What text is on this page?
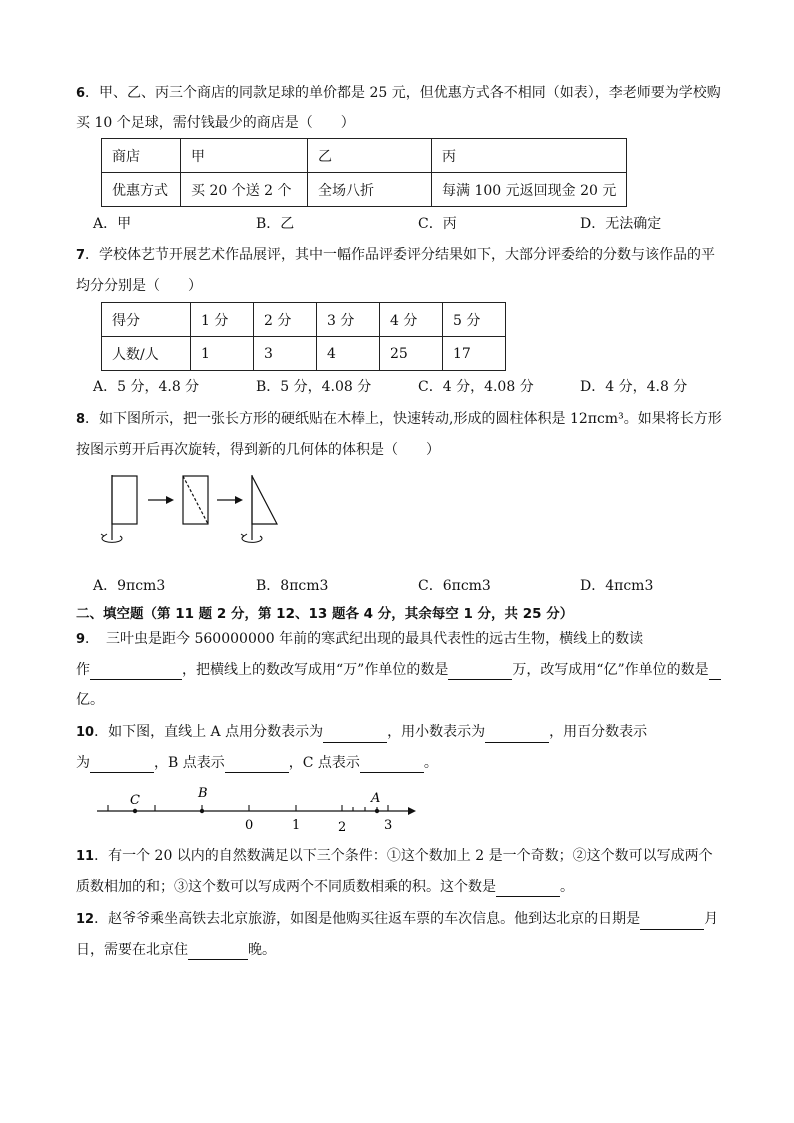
6．甲、乙、丙三个商店的同款足球的单价都是 25 元，但优惠方式各不相同（如表），李老师要为学校购
买 10 个足球，需付钱最少的商店是（　　）
商店	甲	乙	丙
优惠方式	买 20 个送 2 个	全场八折	每满 100 元返回现金 20 元
A．甲	B．乙	C．丙	D．无法确定
7．学校体艺节开展艺术作品展评，其中一幅作品评委评分结果如下，大部分评委给的分数与该作品的平
均分分别是（　　）
得分	1 分	2 分	3 分	4 分	5 分
人数/人	1	3	4	25	17
A．5 分，4.8 分	B．5 分，4.08 分	C．4 分，4.08 分	D．4 分，4.8 分
8．如下图所示，把一张长方形的硬纸贴在木棒上，快速转动,形成的圆柱体积是 12πcm³。如果将长方形
按图示剪开后再次旋转，得到新的几何体的体积是（　　）
A．9πcm3	B．8πcm3	C．6πcm3	D．4πcm3
二、填空题（第 11 题 2 分，第 12、13 题各 4 分，其余每空 1 分，共 25 分）
9．　三叶虫是距今 560000000 年前的寒武纪出现的最具代表性的远古生物，横线上的数读
作	，把横线上的数改写成用“万”作单位的数是	万，改写成用“亿”作单位的数是
亿。
10．如下图，直线上 A 点用分数表示为	，用小数表示为	，用百分数表示
为	，B 点表示	，C 点表示	。
C	B	A
0	1	2	3
11．有一个 20 以内的自然数满足以下三个条件：①这个数加上 2 是一个奇数；②这个数可以写成两个
质数相加的和；③这个数可以写成两个不同质数相乘的积。这个数是	。
12．赵爷爷乘坐高铁去北京旅游，如图是他购买往返车票的车次信息。他到达北京的日期是	月
日，需要在北京住	晚。
